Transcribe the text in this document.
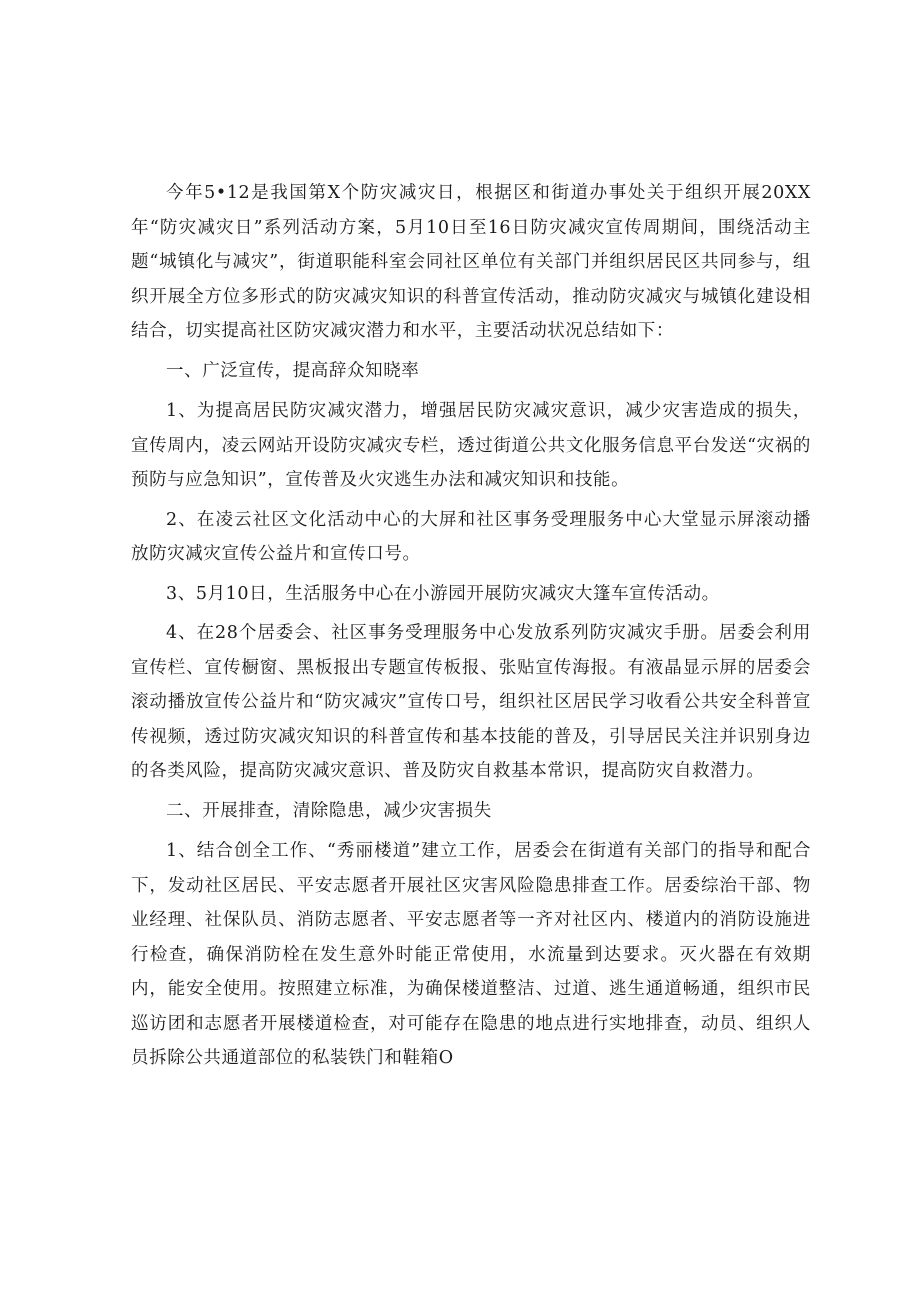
今年5•12是我国第X个防灾减灾日，根据区和街道办事处关于组织开展20XX年“防灾减灾日”系列活动方案，5月10日至16日防灾减灾宣传周期间，围绕活动主题“城镇化与减灾”，街道职能科室会同社区单位有关部门并组织居民区共同参与，组织开展全方位多形式的防灾减灾知识的科普宣传活动，推动防灾减灾与城镇化建设相结合，切实提高社区防灾减灾潜力和水平，主要活动状况总结如下：

一、广泛宣传，提高辞众知晓率

1、为提高居民防灾减灾潜力，增强居民防灾减灾意识，减少灾害造成的损失，宣传周内，凌云网站开设防灾减灾专栏，透过街道公共文化服务信息平台发送“灾祸的预防与应急知识”，宣传普及火灾逃生办法和减灾知识和技能。

2、在凌云社区文化活动中心的大屏和社区事务受理服务中心大堂显示屏滚动播放防灾减灾宣传公益片和宣传口号。

3、5月10日，生活服务中心在小游园开展防灾减灾大篷车宣传活动。

4、在28个居委会、社区事务受理服务中心发放系列防灾减灾手册。居委会利用宣传栏、宣传橱窗、黑板报出专题宣传板报、张贴宣传海报。有液晶显示屏的居委会滚动播放宣传公益片和“防灾减灾”宣传口号，组织社区居民学习收看公共安全科普宣传视频，透过防灾减灾知识的科普宣传和基本技能的普及，引导居民关注并识别身边的各类风险，提高防灾减灾意识、普及防灾自救基本常识，提高防灾自救潜力。

二、开展排查，清除隐患，减少灾害损失

1、结合创全工作、“秀丽楼道”建立工作，居委会在街道有关部门的指导和配合下，发动社区居民、平安志愿者开展社区灾害风险隐患排查工作。居委综治干部、物业经理、社保队员、消防志愿者、平安志愿者等一齐对社区内、楼道内的消防设施进行检查，确保消防栓在发生意外时能正常使用，水流量到达要求。灭火器在有效期内，能安全使用。按照建立标准，为确保楼道整洁、过道、逃生通道畅通，组织市民巡访团和志愿者开展楼道检查，对可能存在隐患的地点进行实地排查，动员、组织人员拆除公共通道部位的私装铁门和鞋箱O
